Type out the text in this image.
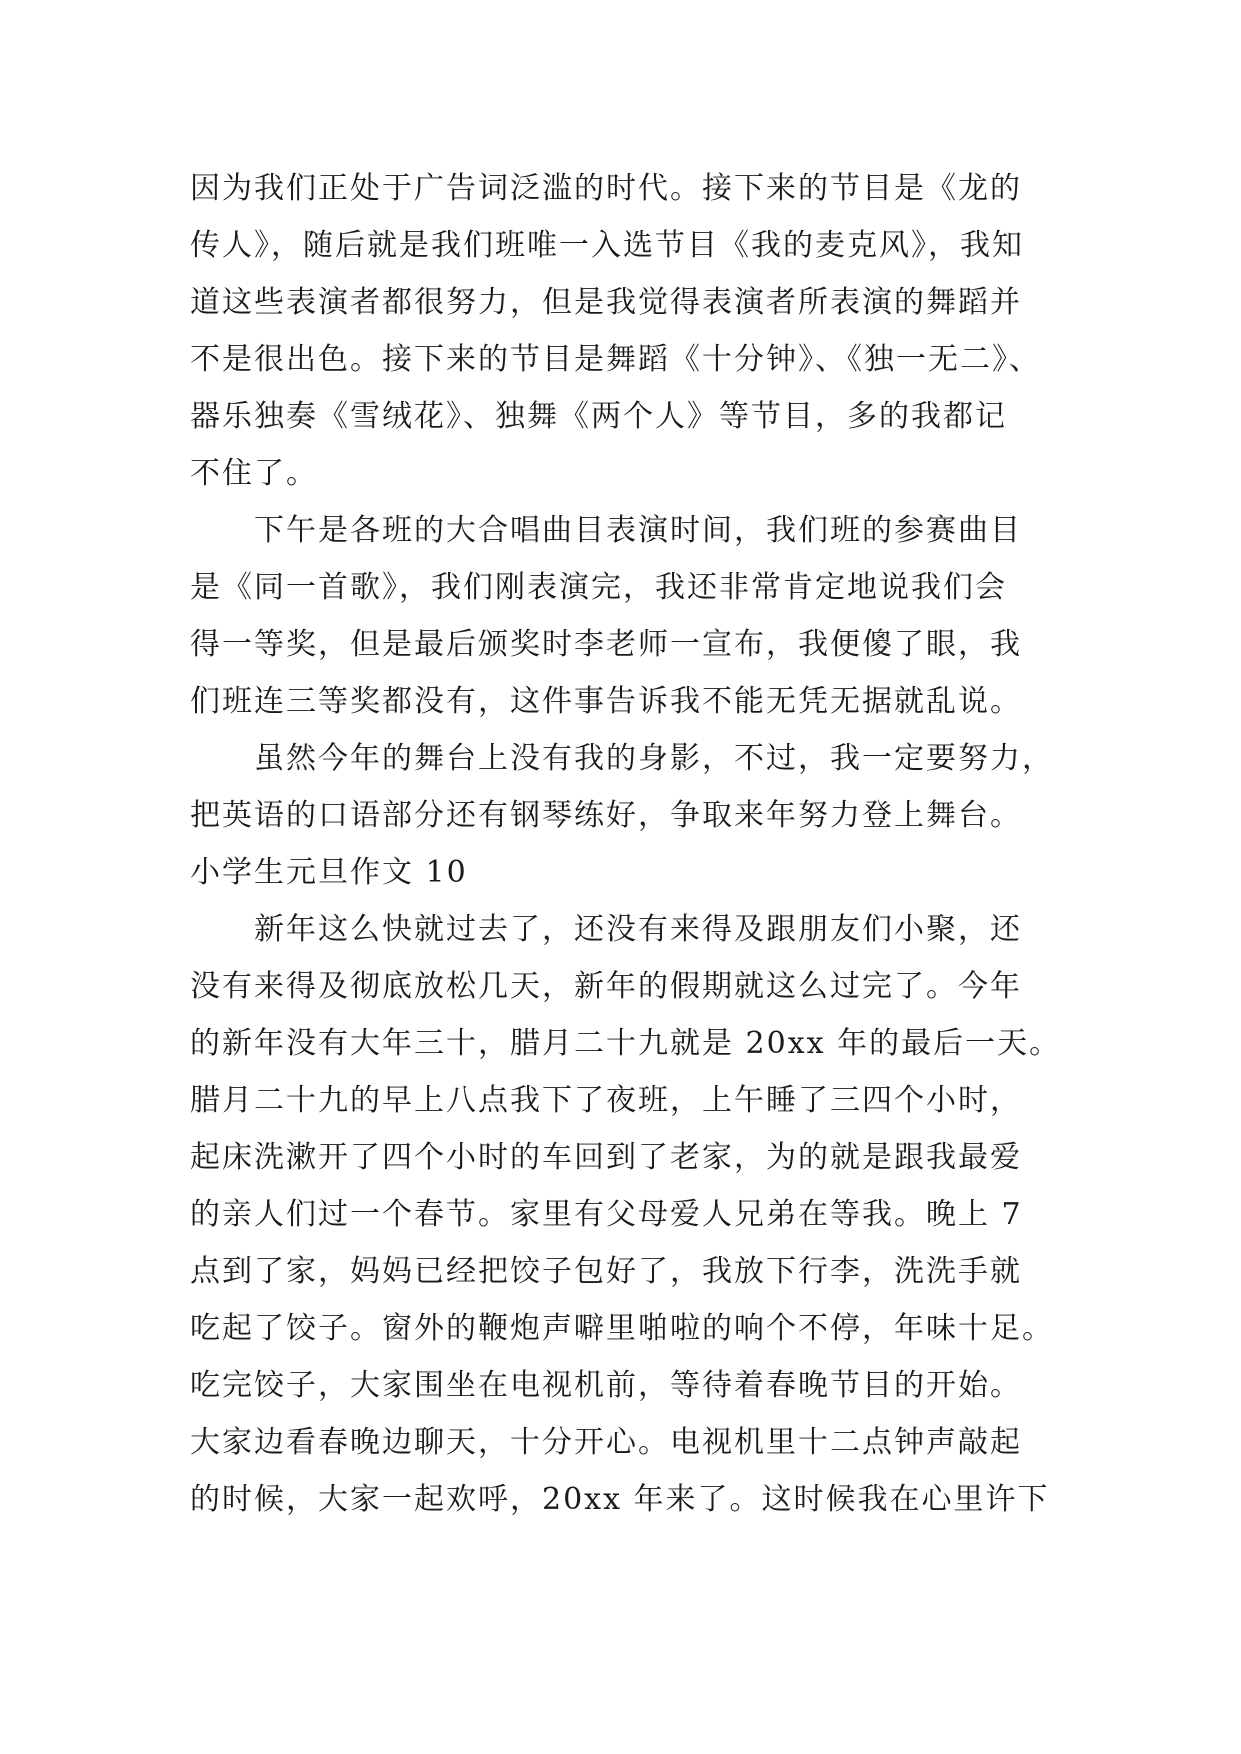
因为我们正处于广告词泛滥的时代。接下来的节目是《龙的
传人》，随后就是我们班唯一入选节目《我的麦克风》，我知
道这些表演者都很努力，但是我觉得表演者所表演的舞蹈并
不是很出色。接下来的节目是舞蹈《十分钟》、《独一无二》、
器乐独奏《雪绒花》、独舞《两个人》等节目，多的我都记
不住了。
下午是各班的大合唱曲目表演时间，我们班的参赛曲目
是《同一首歌》，我们刚表演完，我还非常肯定地说我们会
得一等奖，但是最后颁奖时李老师一宣布，我便傻了眼，我
们班连三等奖都没有，这件事告诉我不能无凭无据就乱说。
虽然今年的舞台上没有我的身影，不过，我一定要努力，
把英语的口语部分还有钢琴练好，争取来年努力登上舞台。
小学生元旦作文 10
新年这么快就过去了，还没有来得及跟朋友们小聚，还
没有来得及彻底放松几天，新年的假期就这么过完了。今年
的新年没有大年三十，腊月二十九就是 20xx 年的最后一天。
腊月二十九的早上八点我下了夜班，上午睡了三四个小时，
起床洗漱开了四个小时的车回到了老家，为的就是跟我最爱
的亲人们过一个春节。家里有父母爱人兄弟在等我。晚上 7
点到了家，妈妈已经把饺子包好了，我放下行李，洗洗手就
吃起了饺子。窗外的鞭炮声噼里啪啦的响个不停，年味十足。
吃完饺子，大家围坐在电视机前，等待着春晚节目的开始。
大家边看春晚边聊天，十分开心。电视机里十二点钟声敲起
的时候，大家一起欢呼，20xx 年来了。这时候我在心里许下
